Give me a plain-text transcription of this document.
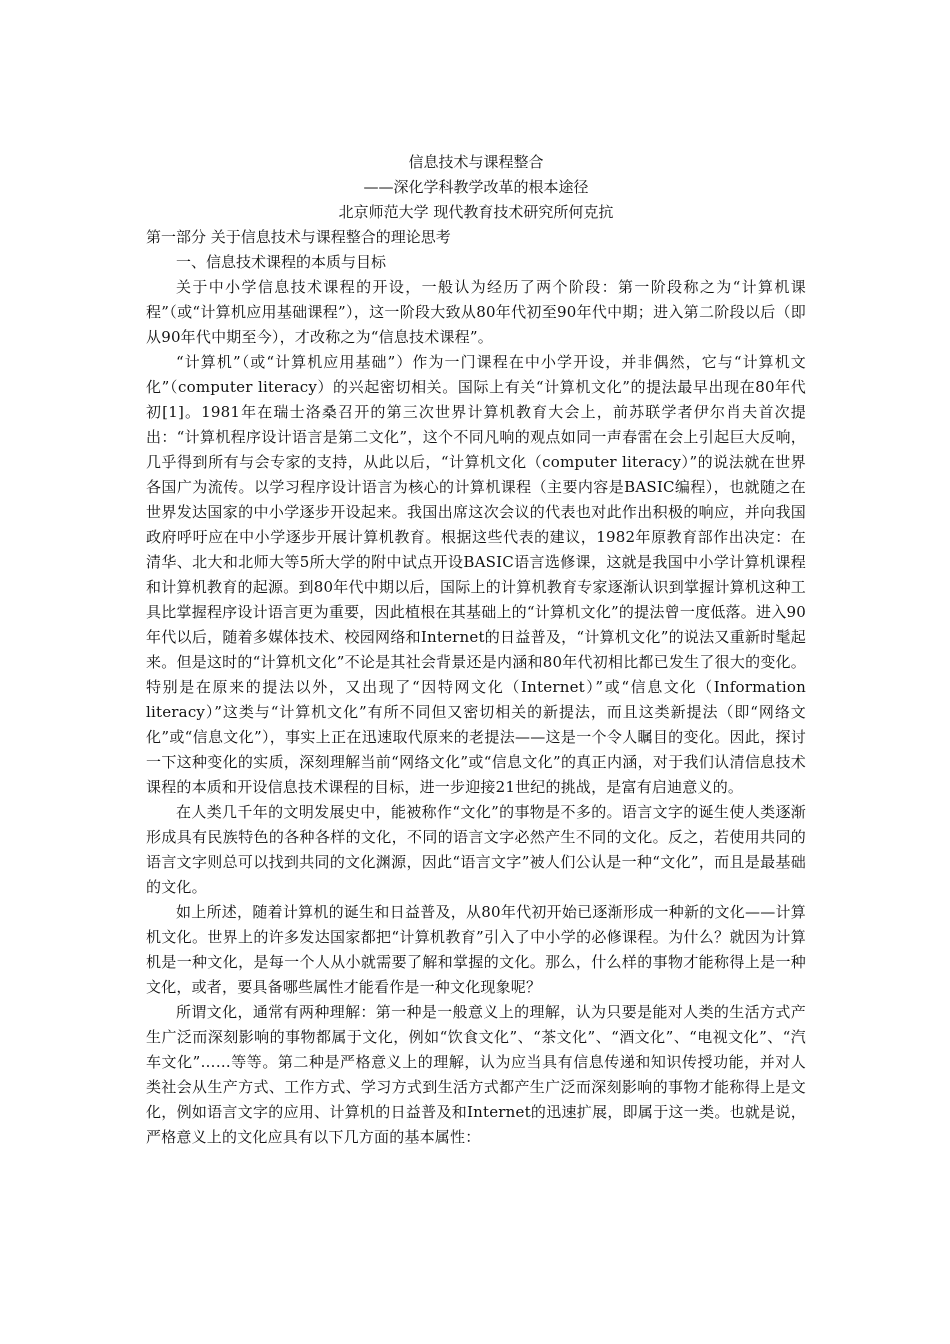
信息技术与课程整合

——深化学科教学改革的根本途径

北京师范大学 现代教育技术研究所何克抗

第一部分 关于信息技术与课程整合的理论思考

一、信息技术课程的本质与目标

关于中小学信息技术课程的开设，一般认为经历了两个阶段：第一阶段称之为“计算机课程”（或“计算机应用基础课程”），这一阶段大致从80年代初至90年代中期；进入第二阶段以后（即从90年代中期至今），才改称之为“信息技术课程”。

“计算机”（或“计算机应用基础”）作为一门课程在中小学开设，并非偶然，它与“计算机文化”（computer literacy）的兴起密切相关。国际上有关“计算机文化”的提法最早出现在80年代初[1]。1981年在瑞士洛桑召开的第三次世界计算机教育大会上，前苏联学者伊尔肖夫首次提出：“计算机程序设计语言是第二文化”，这个不同凡响的观点如同一声春雷在会上引起巨大反响，几乎得到所有与会专家的支持，从此以后，“计算机文化（computer literacy）”的说法就在世界各国广为流传。以学习程序设计语言为核心的计算机课程（主要内容是BASIC编程），也就随之在世界发达国家的中小学逐步开设起来。我国出席这次会议的代表也对此作出积极的响应，并向我国政府呼吁应在中小学逐步开展计算机教育。根据这些代表的建议，1982年原教育部作出决定：在清华、北大和北师大等5所大学的附中试点开设BASIC语言选修课，这就是我国中小学计算机课程和计算机教育的起源。到80年代中期以后，国际上的计算机教育专家逐渐认识到掌握计算机这种工具比掌握程序设计语言更为重要，因此植根在其基础上的“计算机文化”的提法曾一度低落。进入90年代以后，随着多媒体技术、校园网络和Internet的日益普及，“计算机文化”的说法又重新时髦起来。但是这时的“计算机文化”不论是其社会背景还是内涵和80年代初相比都已发生了很大的变化。特别是在原来的提法以外，又出现了“因特网文化（Internet）”或“信息文化（Information literacy）”这类与“计算机文化”有所不同但又密切相关的新提法，而且这类新提法（即“网络文化”或“信息文化”），事实上正在迅速取代原来的老提法——这是一个令人瞩目的变化。因此，探讨一下这种变化的实质，深刻理解当前“网络文化”或“信息文化”的真正内涵，对于我们认清信息技术课程的本质和开设信息技术课程的目标，进一步迎接21世纪的挑战，是富有启迪意义的。

在人类几千年的文明发展史中，能被称作“文化”的事物是不多的。语言文字的诞生使人类逐渐形成具有民族特色的各种各样的文化，不同的语言文字必然产生不同的文化。反之，若使用共同的语言文字则总可以找到共同的文化渊源，因此“语言文字”被人们公认是一种“文化”，而且是最基础的文化。

如上所述，随着计算机的诞生和日益普及，从80年代初开始已逐渐形成一种新的文化——计算机文化。世界上的许多发达国家都把“计算机教育”引入了中小学的必修课程。为什么？就因为计算机是一种文化，是每一个人从小就需要了解和掌握的文化。那么，什么样的事物才能称得上是一种文化，或者，要具备哪些属性才能看作是一种文化现象呢？

所谓文化，通常有两种理解：第一种是一般意义上的理解，认为只要是能对人类的生活方式产生广泛而深刻影响的事物都属于文化，例如“饮食文化”、“茶文化”、“酒文化”、“电视文化”、“汽车文化”……等等。第二种是严格意义上的理解，认为应当具有信息传递和知识传授功能，并对人类社会从生产方式、工作方式、学习方式到生活方式都产生广泛而深刻影响的事物才能称得上是文化，例如语言文字的应用、计算机的日益普及和Internet的迅速扩展，即属于这一类。也就是说，严格意义上的文化应具有以下几方面的基本属性：
